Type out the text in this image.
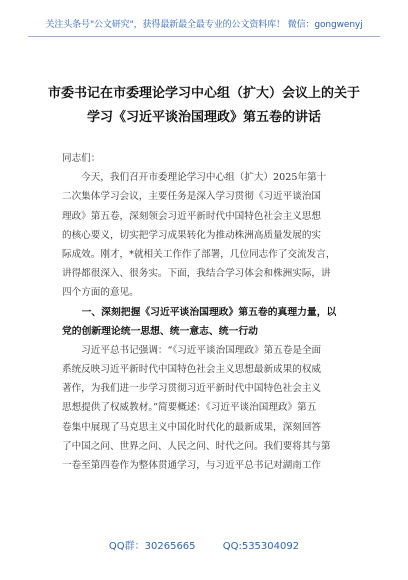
关注头条号"公文研究"，获得最新最全最专业的公文资料库！ 微信：gongwenyj
市委书记在市委理论学习中心组（扩大）会议上的关于
学习《习近平谈治国理政》第五卷的讲话
同志们：
　　今天，我们召开市委理论学习中心组（扩大）2025年第十
二次集体学习会议，主要任务是深入学习贯彻《习近平谈治国
理政》第五卷，深刻领会习近平新时代中国特色社会主义思想
的核心要义，切实把学习成果转化为推动株洲高质量发展的实
际成效。刚才，*就相关工作作了部署，几位同志作了交流发言，
讲得都很深入、很务实。下面，我结合学习体会和株洲实际，讲
四个方面的意见。
　　一、深刻把握《习近平谈治国理政》第五卷的真理力量，以
党的创新理论统一思想、统一意志、统一行动
　　习近平总书记强调：“《习近平谈治国理政》第五卷是全面
系统反映习近平新时代中国特色社会主义思想最新成果的权威
著作，为我们进一步学习贯彻习近平新时代中国特色社会主义
思想提供了权威教材。”简要概述：《习近平谈治国理政》第五
卷集中展现了马克思主义中国化时代化的最新成果，深刻回答
了中国之问、世界之问、人民之问、时代之问。我们要将其与第
一卷至第四卷作为整体贯通学习，与习近平总书记对湖南工作
QQ群：30265665	QQ:535304092
